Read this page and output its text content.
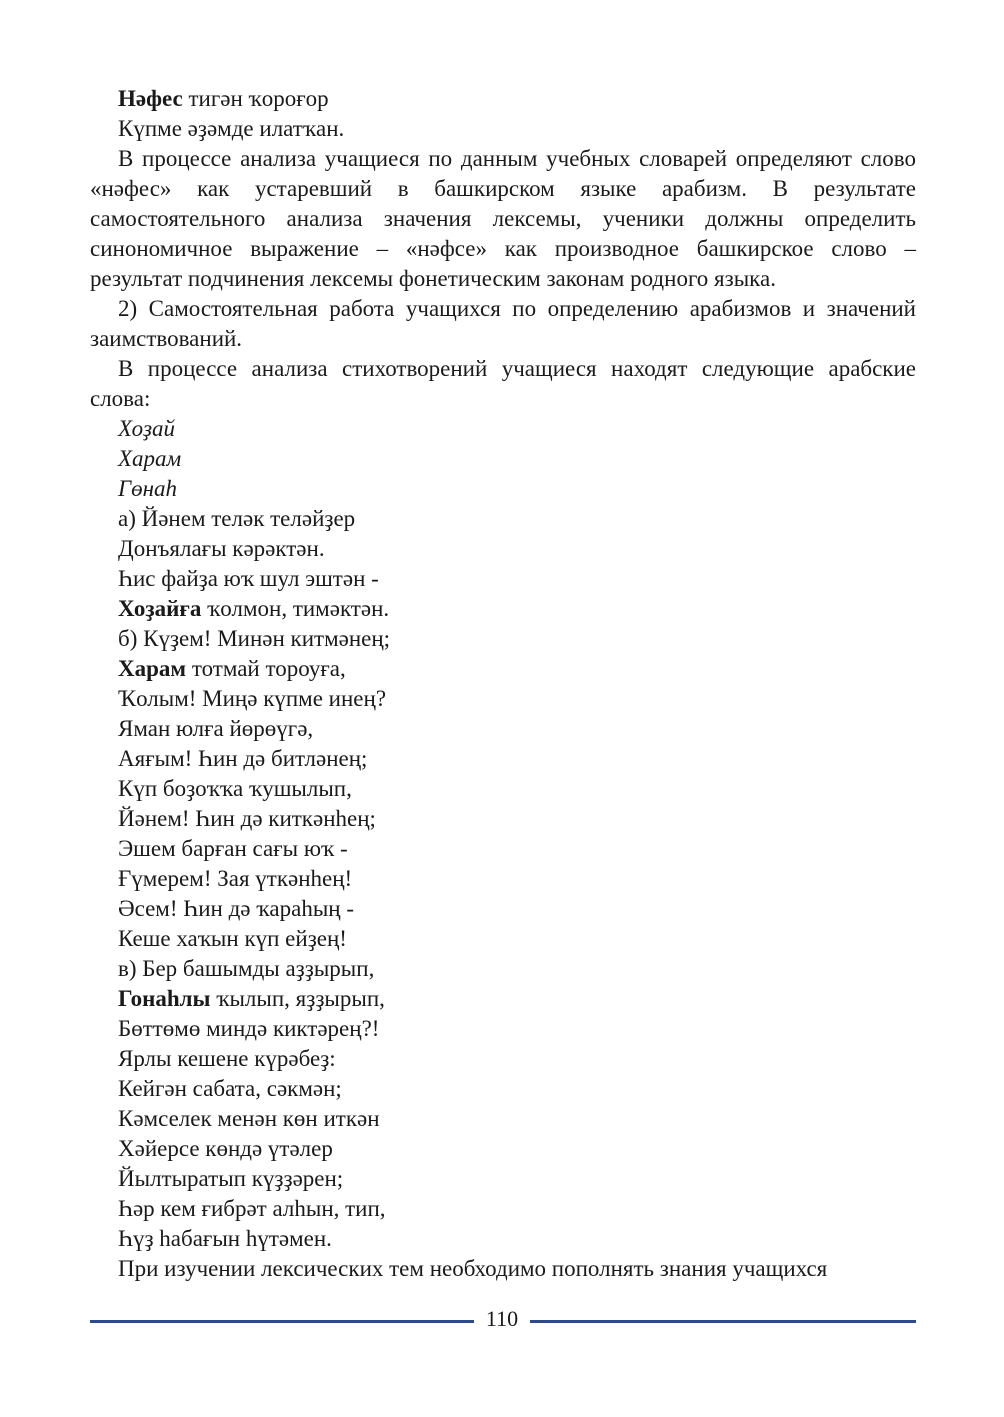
Нәфес тигән ҡороғор
Күпме әҙәмде илатҡан.
В процессе анализа учащиеся по данным учебных словарей определяют слово «нәфес» как устаревший в башкирском языке арабизм. В результате самостоятельного анализа значения лексемы, ученики должны определить синономичное выражение – «нәфсе» как производное башкирское слово – результат подчинения лексемы фонетическим законам родного языка.
2) Самостоятельная работа учащихся по определению арабизмов и значений заимствований.
В процессе анализа стихотворений учащиеся находят следующие арабские слова:
Хоҙай
Харам
Гөнаһ
а) Йәнем теләк теләйҙер
Донъялағы кәрәктән.
Һис файҙа юҡ шул эштән -
Хоҙайға ҡолмон, тимәктән.
б) Күҙем! Минән китмәнең;
Харам тотмай тороуға,
Ҡолым! Миңә күпме инең?
Яман юлға йөрөүгә,
Аяғым! Һин дә битләнең;
Күп боҙоҡҡа ҡушылып,
Йәнем! Һин дә киткәнһең;
Эшем барған сағы юҡ -
Ғүмерем! Зая үткәнһең!
Әсем! Һин дә ҡараһың -
Кеше хаҡын күп ейҙең!
в) Бер башымды аҙҙырып,
Гонаһлы ҡылып, яҙҙырып,
Бөттөмө миндә киктәрең?!
Ярлы кешене күрәбеҙ:
Кейгән сабата, сәкмән;
Кәмселек менән көн иткән
Хәйерсе көндә үтәлер
Йылтыратып күҙҙәрен;
Һәр кем ғибрәт алһын, тип,
Һүҙ һабағын һүтәмен.
При изучении лексических тем необходимо пополнять знания учащихся
110
